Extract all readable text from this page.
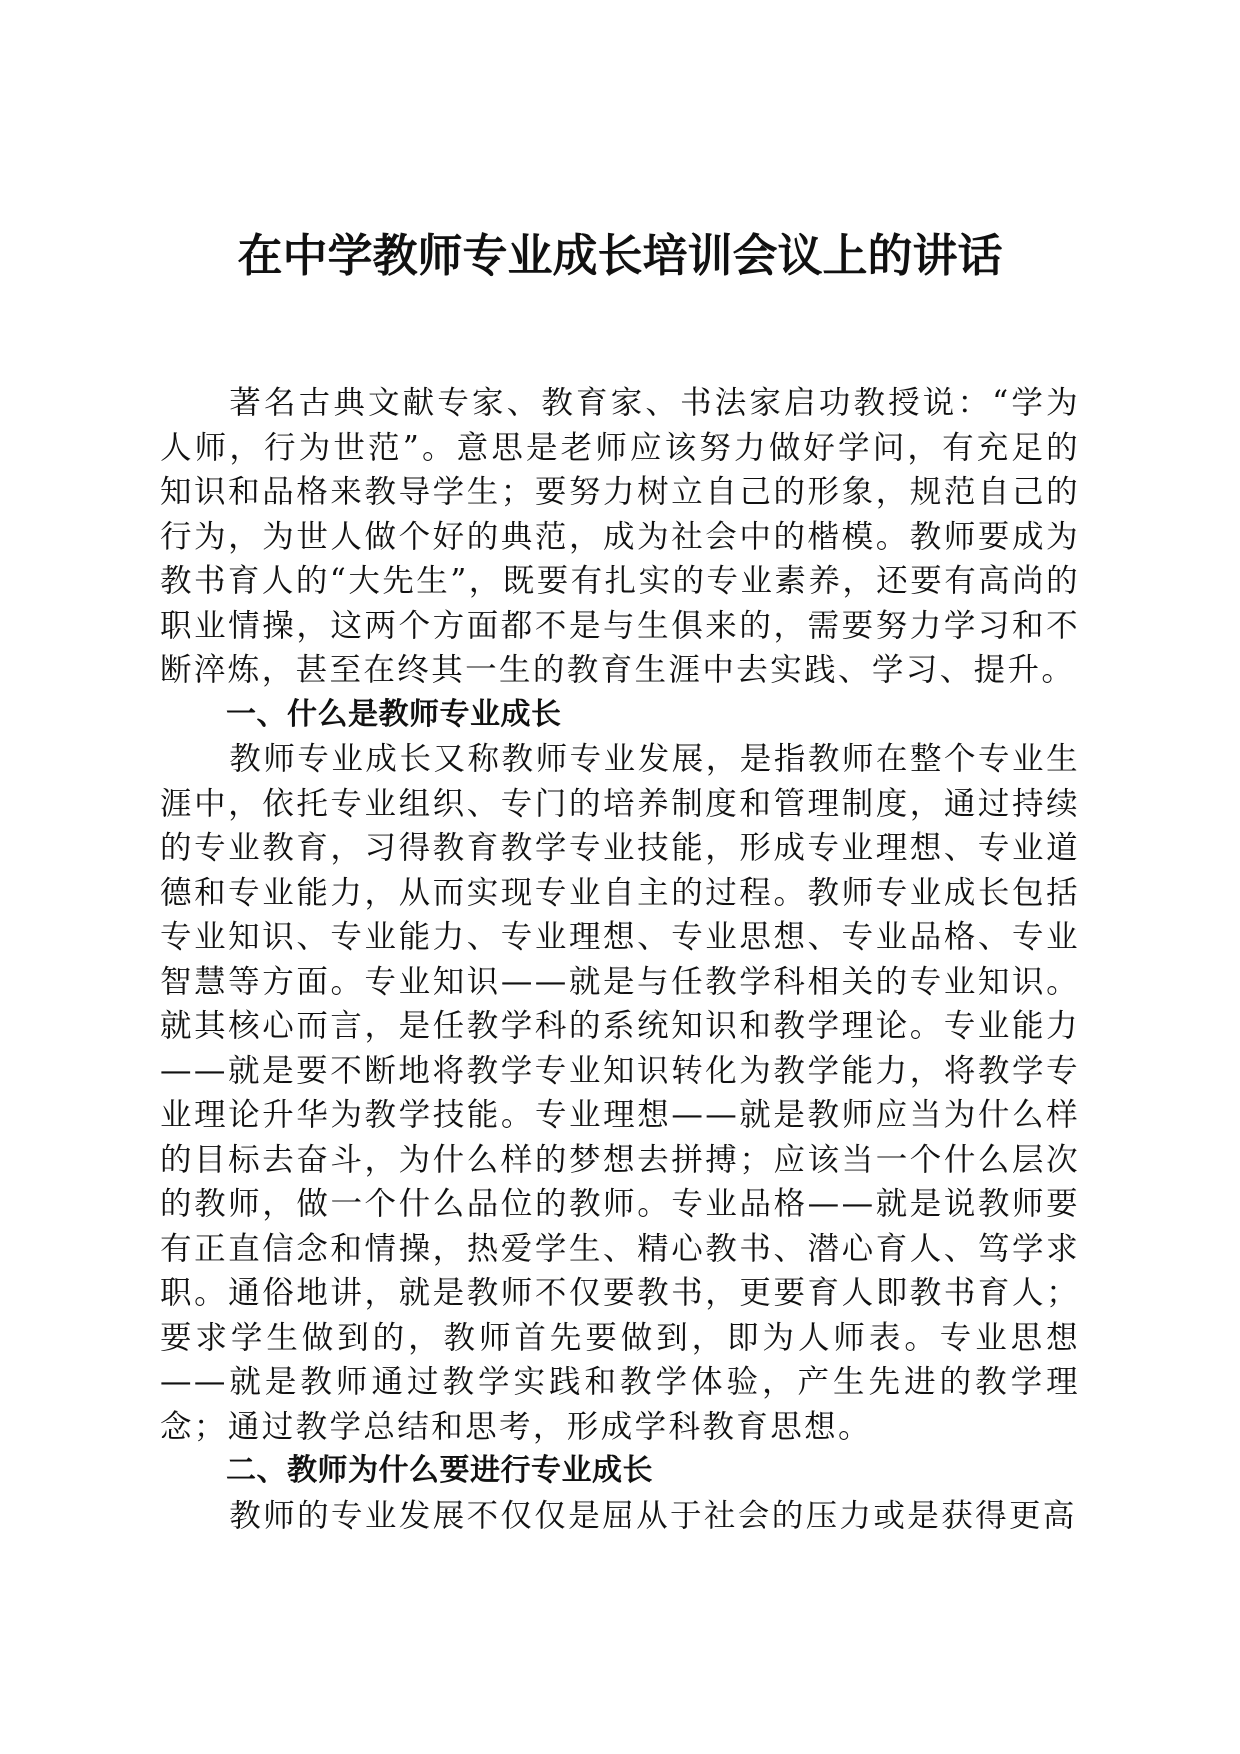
在中学教师专业成长培训会议上的讲话

著名古典文献专家、教育家、书法家启功教授说：“学为人师，行为世范”。意思是老师应该努力做好学问，有充足的知识和品格来教导学生；要努力树立自己的形象，规范自己的行为，为世人做个好的典范，成为社会中的楷模。教师要成为教书育人的“大先生”，既要有扎实的专业素养，还要有高尚的职业情操，这两个方面都不是与生俱来的，需要努力学习和不断淬炼，甚至在终其一生的教育生涯中去实践、学习、提升。

一、什么是教师专业成长

教师专业成长又称教师专业发展，是指教师在整个专业生涯中，依托专业组织、专门的培养制度和管理制度，通过持续的专业教育，习得教育教学专业技能，形成专业理想、专业道德和专业能力，从而实现专业自主的过程。教师专业成长包括专业知识、专业能力、专业理想、专业思想、专业品格、专业智慧等方面。专业知识——就是与任教学科相关的专业知识。就其核心而言，是任教学科的系统知识和教学理论。专业能力——就是要不断地将教学专业知识转化为教学能力，将教学专业理论升华为教学技能。专业理想——就是教师应当为什么样的目标去奋斗，为什么样的梦想去拼搏；应该当一个什么层次的教师，做一个什么品位的教师。专业品格——就是说教师要有正直信念和情操，热爱学生、精心教书、潜心育人、笃学求职。通俗地讲，就是教师不仅要教书，更要育人即教书育人；要求学生做到的，教师首先要做到，即为人师表。专业思想——就是教师通过教学实践和教学体验，产生先进的教学理念；通过教学总结和思考，形成学科教育思想。

二、教师为什么要进行专业成长

教师的专业发展不仅仅是屈从于社会的压力或是获得更高
